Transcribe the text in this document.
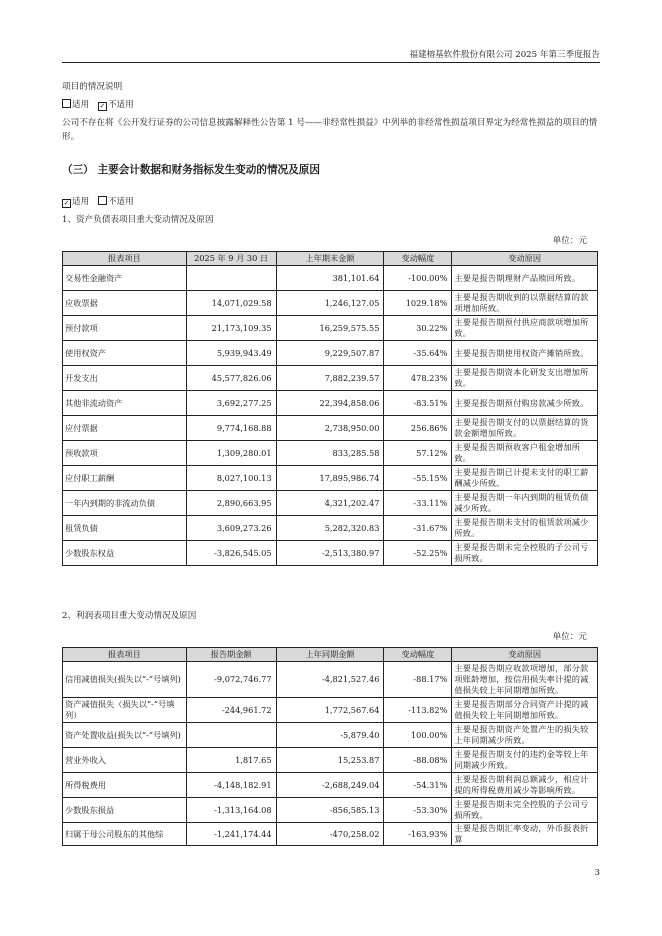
福建榕基软件股份有限公司 2025 年第三季度报告
项目的情况说明
适用 ✓ 不适用
公司不存在将《公开发行证券的公司信息披露解释性公告第 1 号——非经常性损益》中列举的非经常性损益项目界定为经常性损益的项目的情形。
（三） 主要会计数据和财务指标发生变动的情况及原因
✓ 适用 不适用
1、资产负债表项目重大变动情况及原因
单位：元
报表项目	2025 年 9 月 30 日	上年期末金额	变动幅度	变动原因
交易性金融资产		381,101.64	-100.00%	主要是报告期理财产品赎回所致。
应收票据	14,071,029.58	1,246,127.05	1029.18%	主要是报告期收到的以票据结算的款项增加所致。
预付款项	21,173,109.35	16,259,575.55	30.22%	主要是报告期预付供应商款项增加所致。
使用权资产	5,939,943.49	9,229,507.87	-35.64%	主要是报告期使用权资产摊销所致。
开发支出	45,577,826.06	7,882,239.57	478.23%	主要是报告期资本化研发支出增加所致。
其他非流动资产	3,692,277.25	22,394,858.06	-83.51%	主要是报告期预付购房款减少所致。
应付票据	9,774,168.88	2,738,950.00	256.86%	主要是报告期支付的以票据结算的货款金额增加所致。
预收款项	1,309,280.01	833,285.58	57.12%	主要是报告期预收客户租金增加所致。
应付职工薪酬	8,027,100.13	17,895,986.74	-55.15%	主要是报告期已计提未支付的职工薪酬减少所致。
一年内到期的非流动负债	2,890,663.95	4,321,202.47	-33.11%	主要是报告期一年内到期的租赁负债减少所致。
租赁负债	3,609,273.26	5,282,320.83	-31.67%	主要是报告期未支付的租赁款项减少所致。
少数股东权益	-3,826,545.05	-2,513,380.97	-52.25%	主要是报告期未完全控股的子公司亏损所致。
2、利润表项目重大变动情况及原因
单位：元
报表项目	报告期金额	上年同期金额	变动幅度	变动原因
信用减值损失(损失以“-”号填列)	-9,072,746.77	-4,821,527.46	-88.17%	主要是报告期应收款项增加，部分款项账龄增加，按信用损失率计提的减值损失较上年同期增加所致。
资产减值损失（损失以“-”号填列）	-244,961.72	1,772,567.64	-113.82%	主要是报告期部分合同资产计提的减值损失较上年同期增加所致。
资产处置收益(损失以“-”号填列)		-5,879.40	100.00%	主要是报告期资产处置产生的损失较上年同期减少所致。
营业外收入	1,817.65	15,253.87	-88.08%	主要是报告期支付的违约金等较上年同期减少所致。
所得税费用	-4,148,182.91	-2,688,249.04	-54.31%	主要是报告期利润总额减少，相应计提的所得税费用减少等影响所致。
少数股东损益	-1,313,164.08	-856,585.13	-53.30%	主要是报告期未完全控股的子公司亏损所致。
归属于母公司股东的其他综	-1,241,174.44	-470,258.02	-163.93%	主要是报告期汇率变动，外币报表折算
3
